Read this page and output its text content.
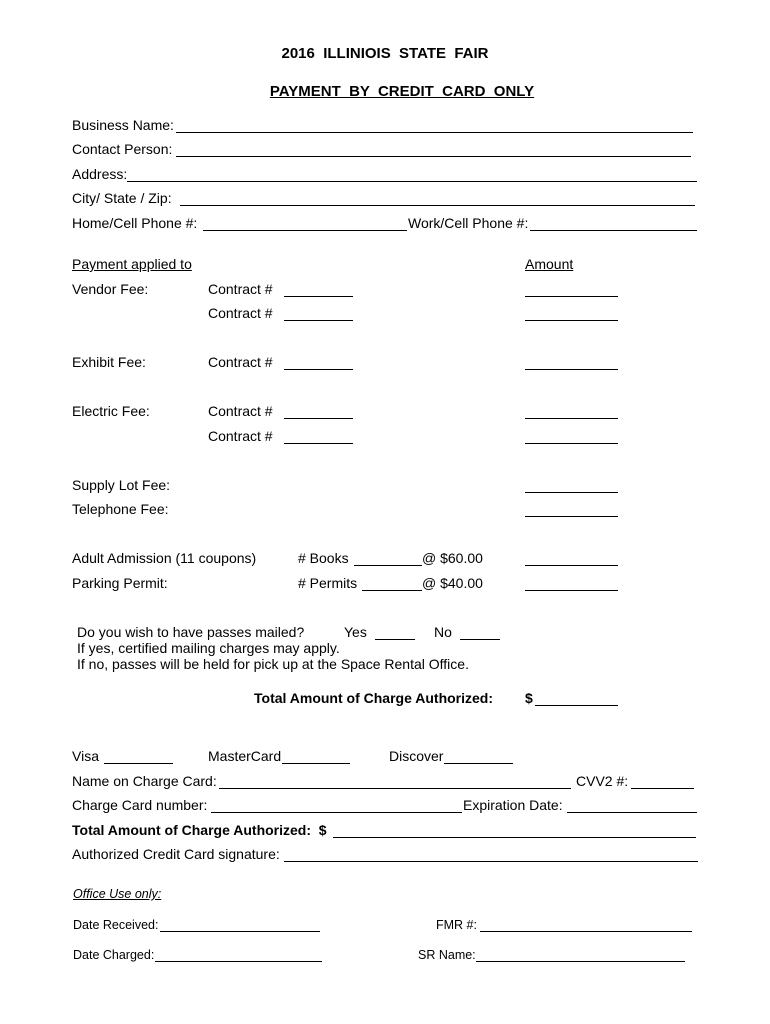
2016  ILLINIOIS  STATE  FAIR
PAYMENT  BY  CREDIT  CARD  ONLY
Business Name:
Contact Person:
Address:
City/ State / Zip:
Home/Cell Phone #:	Work/Cell Phone #:
Payment applied to	Amount
Vendor Fee:	Contract #
Contract #
Exhibit Fee:	Contract #
Electric Fee:	Contract #
Contract #
Supply Lot Fee:
Telephone Fee:
Adult Admission (11 coupons)	# Books	@ $60.00
Parking Permit:	# Permits	@ $40.00
Do you wish to have passes mailed?	Yes	No
If yes, certified mailing charges may apply.
If no, passes will be held for pick up at the Space Rental Office.
Total Amount of Charge Authorized: $
Visa	MasterCard	Discover
Name on Charge Card:	CVV2 #:
Charge Card number:	Expiration Date:
Total Amount of Charge Authorized:  $
Authorized Credit Card signature:
Office Use only:
Date Received:	FMR #:
Date Charged:	SR Name:
